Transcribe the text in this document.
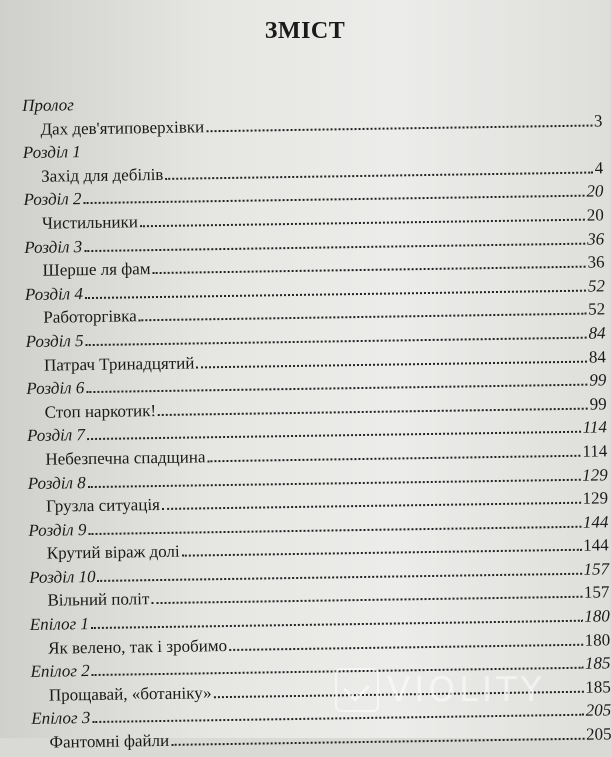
ЗМІСТ
Пролог
Дах дев'ятиповерхівки	3
Розділ 1
Захід для дебілів	4
Розділ 2	20
Чистильники	20
Розділ 3	36
Шерше ля фам	36
Розділ 4	52
Работоргівка	52
Розділ 5	84
Патрач Тринадцятий	84
Розділ 6	99
Стоп наркотик!	99
Розділ 7	114
Небезпечна спадщина	114
Розділ 8	129
Грузла ситуація	129
Розділ 9	144
Крутий віраж долі	144
Розділ 10	157
Вільний політ	157
Епілог 1	180
Як велено, так і зробимо	180
Епілог 2	185
Прощавай, «ботаніку»	185
Епілог 3	205
Фантомні файли	205
VIOLITY
